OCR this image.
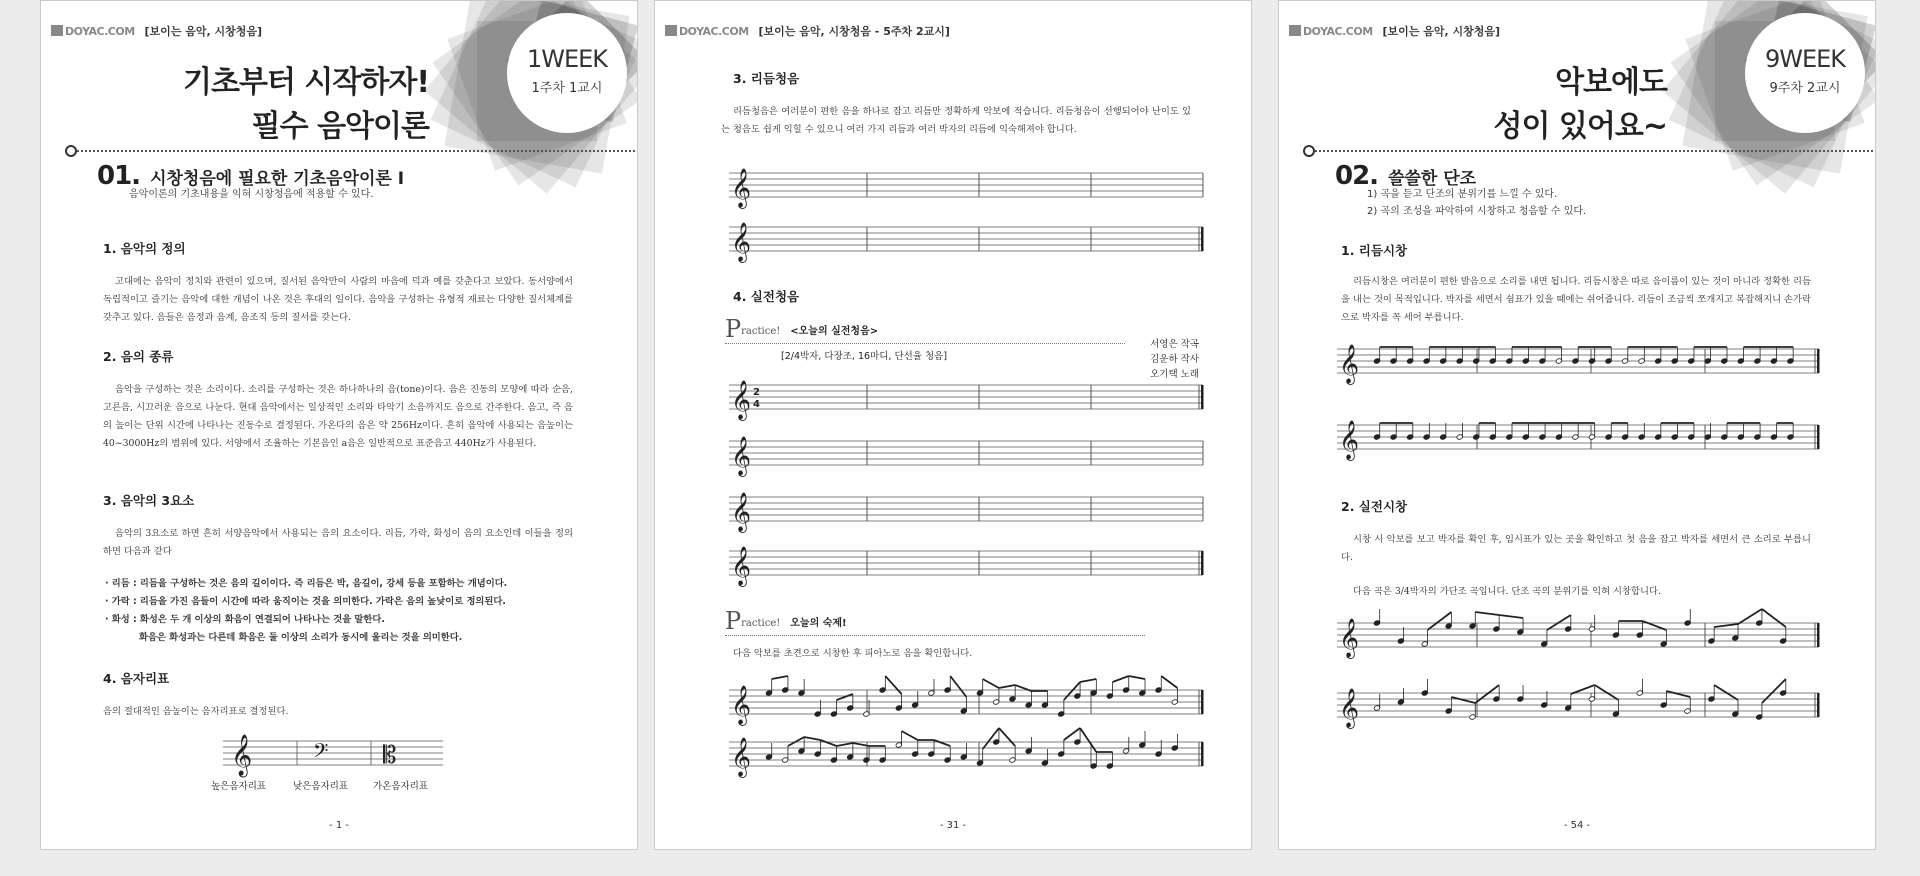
DOYAC.COM [보이는 음악, 시창청음]
1WEEK
1주차 1교시
기초부터 시작하자!
필수 음악이론
01. 시창청음에 필요한 기초음악이론 I
음악이론의 기초내용을 익혀 시창청음에 적용할 수 있다.
1. 음악의 정의
고대에는 음악이 정치와 관련이 있으며, 질서된 음악만이 사람의 마음에 덕과 예를 갖춘다고 보았다. 동서양에서 독립적이고 즐기는 음악에 대한 개념이 나온 것은 후대의 일이다. 음악을 구성하는 유형적 재료는 다양한 질서체계를 갖추고 있다. 음들은 음정과 음계, 음조직 등의 질서를 갖는다.
2. 음의 종류
음악을 구성하는 것은 소리이다. 소리를 구성하는 것은 하나하나의 음(tone)이다. 음은 진동의 모양에 따라 순음, 고른음, 시끄러운 음으로 나눈다. 현대 음악에서는 일상적인 소리와 타악기 소음까지도 음으로 간주한다. 음고, 즉 음의 높이는 단위 시간에 나타나는 진동수로 결정된다. 가온다의 음은 약 256Hz이다. 흔히 음악에 사용되는 음높이는 40~3000Hz의 범위에 있다. 서양에서 조율하는 기본음인 a음은 일반적으로 표준음고 440Hz가 사용된다.
3. 음악의 3요소
음악의 3요소로 하면 흔히 서양음악에서 사용되는 음의 요소이다. 리듬, 가락, 화성이 음의 요소인데 이들을 정의하면 다음과 같다
· 리듬 : 리듬을 구성하는 것은 음의 길이이다. 즉 리듬은 박, 음길이, 강세 등을 포함하는 개념이다.
· 가락 : 리듬을 가진 음들이 시간에 따라 움직이는 것을 의미한다. 가락은 음의 높낮이로 정의된다.
· 화성 : 화성은 두 개 이상의 화음이 연결되어 나타나는 것을 말한다.
화음은 화성과는 다른데 화음은 둘 이상의 소리가 동시에 울리는 것을 의미한다.
4. 음자리표
음의 절대적인 음높이는 음자리표로 결정된다.
𝄞	𝄢 𝄡
높은음자리표	낮은음자리표	가온음자리표
- 1 -
DOYAC.COM [보이는 음악, 시창청음 - 5주차 2교시]
3. 리듬청음
리듬청음은 여러분이 편한 음을 하나로 잡고 리듬만 정확하게 악보에 적습니다. 리듬청음이 선행되어야 난이도 있는 청음도 쉽게 익힐 수 있으니 여러 가지 리듬과 여러 박자의 리듬에 익숙해져야 합니다.
𝄞
𝄞
4. 실전청음
Practice! <오늘의 실전청음>
[2/4박자, 다장조, 16마디, 단선율 청음]
서영은 작곡
김운하 작사
오기택 노래
𝄞 2
4
𝄞
𝄞
𝄞
Practice! 오늘의 숙제!
다음 악보를 초견으로 시창한 후 피아노로 음을 확인합니다.
𝄞
𝄞
- 31 -
DOYAC.COM [보이는 음악, 시창청음]
9WEEK
9주차 2교시
악보에도
성이 있어요~
02. 쓸쓸한 단조
1) 곡을 듣고 단조의 분위기를 느낄 수 있다.
2) 곡의 조성을 파악하여 시창하고 청음할 수 있다.
1. 리듬시창
리듬시창은 여러분이 편한 발음으로 소리를 내면 됩니다. 리듬시창은 따로 음이름이 있는 것이 아니라 정확한 리듬을 내는 것이 목적입니다. 박자를 세면서 쉼표가 있을 때에는 쉬어줍니다. 리듬이 조금씩 쪼개지고 복잡해지니 손가락으로 박자를 꼭 세어 부릅니다.
𝄞
𝄞
2. 실전시창
시창 시 악보를 보고 박자를 확인 후, 임시표가 있는 곳을 확인하고 첫 음을 잡고 박자를 세면서 큰 소리로 부릅니다.
다음 곡은 3/4박자의 가단조 곡입니다. 단조 곡의 분위기를 익혀 시창합니다.
𝄞
𝄞
- 54 -
